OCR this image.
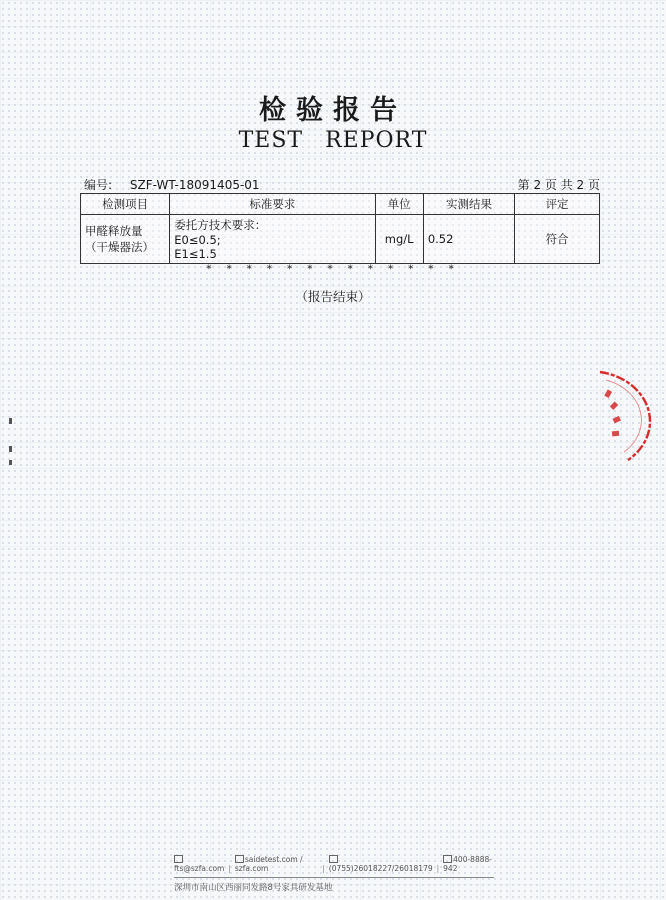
检验报告
TEST REPORT
编号: SZF-WT-18091405-01	第 2 页 共 2 页
检测项目	标准要求	单位	实测结果	评定
甲醛释放量（干燥器法）	委托方技术要求：
E0≤0.5;
E1≤1.5	mg/L	0.52	符合
* * * * * * * * * * * * *
（报告结束）
fts@szfa.com |
saidetest.com / szfa.com	| (0755)26018227/26018179 |
400-8888-942
深圳市南山区西丽同发路8号家具研发基地
